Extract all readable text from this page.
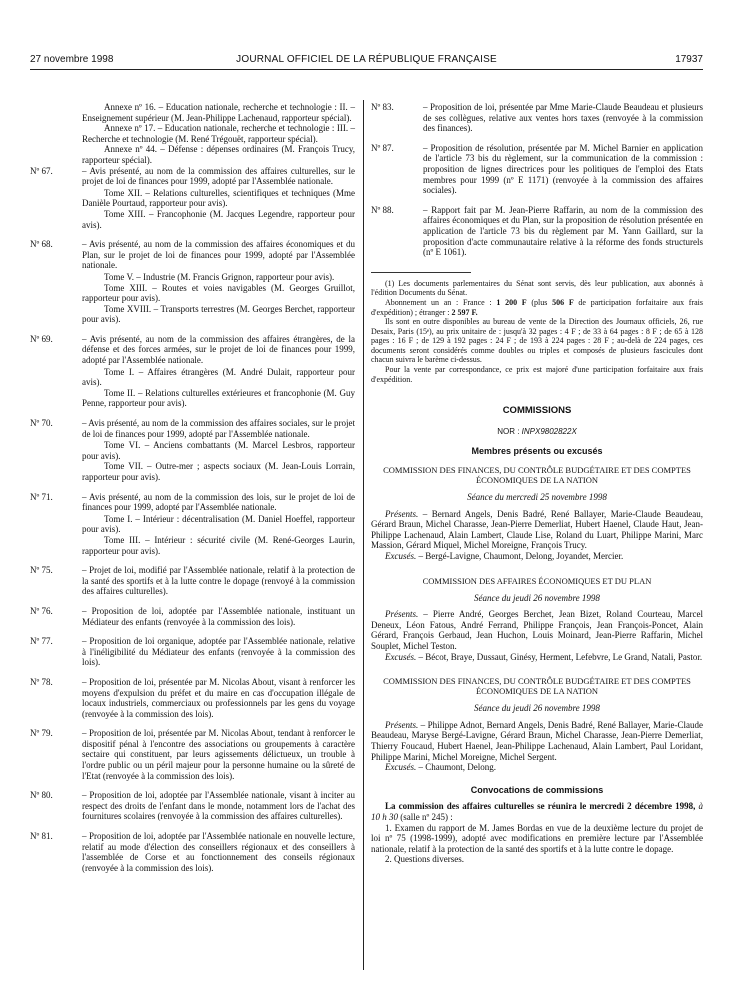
27 novembre 1998	JOURNAL OFFICIEL DE LA RÉPUBLIQUE FRANÇAISE	17937

Annexe nº 16. – Education nationale, recherche et technologie : II. – Enseignement supérieur (M. Jean-Philippe Lachenaud, rapporteur spécial).

Annexe nº 17. – Education nationale, recherche et technologie : III. – Recherche et technologie (M. René Trégouët, rapporteur spécial).

Annexe nº 44. – Défense : dépenses ordinaires (M. François Trucy, rapporteur spécial).

Nº 67.	– Avis présenté, au nom de la commission des affaires culturelles, sur le projet de loi de finances pour 1999, adopté par l'Assemblée nationale.

Tome XII. – Relations culturelles, scientifiques et techniques (Mme Danièle Pourtaud, rapporteur pour avis).

Tome XIII. – Francophonie (M. Jacques Legendre, rapporteur pour avis).

Nº 68.	– Avis présenté, au nom de la commission des affaires économiques et du Plan, sur le projet de loi de finances pour 1999, adopté par l'Assemblée nationale.

Tome V. – Industrie (M. Francis Grignon, rapporteur pour avis).

Tome XIII. – Routes et voies navigables (M. Georges Gruillot, rapporteur pour avis).

Tome XVIII. – Transports terrestres (M. Georges Berchet, rapporteur pour avis).

Nº 69.	– Avis présenté, au nom de la commission des affaires étrangères, de la défense et des forces armées, sur le projet de loi de finances pour 1999, adopté par l'Assemblée nationale.

Tome I. – Affaires étrangères (M. André Dulait, rapporteur pour avis).

Tome II. – Relations culturelles extérieures et francophonie (M. Guy Penne, rapporteur pour avis).

Nº 70.	– Avis présenté, au nom de la commission des affaires sociales, sur le projet de loi de finances pour 1999, adopté par l'Assemblée nationale.

Tome VI. – Anciens combattants (M. Marcel Lesbros, rapporteur pour avis).

Tome VII. – Outre-mer ; aspects sociaux (M. Jean-Louis Lorrain, rapporteur pour avis).

Nº 71.	– Avis présenté, au nom de la commission des lois, sur le projet de loi de finances pour 1999, adopté par l'Assemblée nationale.

Tome I. – Intérieur : décentralisation (M. Daniel Hoeffel, rapporteur pour avis).

Tome III. – Intérieur : sécurité civile (M. René-Georges Laurin, rapporteur pour avis).

Nº 75.	– Projet de loi, modifié par l'Assemblée nationale, relatif à la protection de la santé des sportifs et à la lutte contre le dopage (renvoyé à la commission des affaires culturelles).
Nº 76.	– Proposition de loi, adoptée par l'Assemblée nationale, instituant un Médiateur des enfants (renvoyée à la commission des lois).
Nº 77.	– Proposition de loi organique, adoptée par l'Assemblée nationale, relative à l'inéligibilité du Médiateur des enfants (renvoyée à la commission des lois).
Nº 78.	– Proposition de loi, présentée par M. Nicolas About, visant à renforcer les moyens d'expulsion du préfet et du maire en cas d'occupation illégale de locaux industriels, commerciaux ou professionnels par les gens du voyage (renvoyée à la commission des lois).
Nº 79.	– Proposition de loi, présentée par M. Nicolas About, tendant à renforcer le dispositif pénal à l'encontre des associations ou groupements à caractère sectaire qui constituent, par leurs agissements délictueux, un trouble à l'ordre public ou un péril majeur pour la personne humaine ou la sûreté de l'Etat (renvoyée à la commission des lois).
Nº 80.	– Proposition de loi, adoptée par l'Assemblée nationale, visant à inciter au respect des droits de l'enfant dans le monde, notamment lors de l'achat des fournitures scolaires (renvoyée à la commission des affaires culturelles).
Nº 81.	– Proposition de loi, adoptée par l'Assemblée nationale en nouvelle lecture, relatif au mode d'élection des conseillers régionaux et des conseillers à l'assemblée de Corse et au fonctionnement des conseils régionaux (renvoyée à la commission des lois).
Nº 83.	– Proposition de loi, présentée par Mme Marie-Claude Beaudeau et plusieurs de ses collègues, relative aux ventes hors taxes (renvoyée à la commission des finances).
Nº 87.	– Proposition de résolution, présentée par M. Michel Barnier en application de l'article 73 bis du règlement, sur la communication de la commission : proposition de lignes directrices pour les politiques de l'emploi des Etats membres pour 1999 (nº E 1171) (renvoyée à la commission des affaires sociales).
Nº 88.	– Rapport fait par M. Jean-Pierre Raffarin, au nom de la commission des affaires économiques et du Plan, sur la proposition de résolution présentée en application de l'article 73 bis du règlement par M. Yann Gaillard, sur la proposition d'acte communautaire relative à la réforme des fonds structurels (nº E 1061).

(1) Les documents parlementaires du Sénat sont servis, dès leur publication, aux abonnés à l'édition Documents du Sénat.

Abonnement un an : France : 1 200 F (plus 506 F de participation forfaitaire aux frais d'expédition) ; étranger : 2 597 F.

Ils sont en outre disponibles au bureau de vente de la Direction des Journaux officiels, 26, rue Desaix, Paris (15ᵉ), au prix unitaire de : jusqu'à 32 pages : 4 F ; de 33 à 64 pages : 8 F ; de 65 à 128 pages : 16 F ; de 129 à 192 pages : 24 F ; de 193 à 224 pages : 28 F ; au-delà de 224 pages, ces documents seront considérés comme doubles ou triples et composés de plusieurs fascicules dont chacun suivra le barème ci-dessus.

Pour la vente par correspondance, ce prix est majoré d'une participation forfaitaire aux frais d'expédition.

COMMISSIONS
NOR : INPX9802822X
Membres présents ou excusés
COMMISSION DES FINANCES, DU CONTRÔLE BUDGÉTAIRE ET DES COMPTES ÉCONOMIQUES DE LA NATION
Séance du mercredi 25 novembre 1998

Présents. – Bernard Angels, Denis Badré, René Ballayer, Marie-Claude Beaudeau, Gérard Braun, Michel Charasse, Jean-Pierre Demerliat, Hubert Haenel, Claude Haut, Jean-Philippe Lachenaud, Alain Lambert, Claude Lise, Roland du Luart, Philippe Marini, Marc Massion, Gérard Miquel, Michel Moreigne, François Trucy.

Excusés. – Bergé-Lavigne, Chaumont, Delong, Joyandet, Mercier.

COMMISSION DES AFFAIRES ÉCONOMIQUES ET DU PLAN
Séance du jeudi 26 novembre 1998

Présents. – Pierre André, Georges Berchet, Jean Bizet, Roland Courteau, Marcel Deneux, Léon Fatous, André Ferrand, Philippe François, Jean François-Poncet, Alain Gérard, François Gerbaud, Jean Huchon, Louis Moinard, Jean-Pierre Raffarin, Michel Souplet, Michel Teston.

Excusés. – Bécot, Braye, Dussaut, Ginésy, Herment, Lefebvre, Le Grand, Natali, Pastor.

COMMISSION DES FINANCES, DU CONTRÔLE BUDGÉTAIRE ET DES COMPTES ÉCONOMIQUES DE LA NATION
Séance du jeudi 26 novembre 1998

Présents. – Philippe Adnot, Bernard Angels, Denis Badré, René Ballayer, Marie-Claude Beaudeau, Maryse Bergé-Lavigne, Gérard Braun, Michel Charasse, Jean-Pierre Demerliat, Thierry Foucaud, Hubert Haenel, Jean-Philippe Lachenaud, Alain Lambert, Paul Loridant, Philippe Marini, Michel Moreigne, Michel Sergent.

Excusés. – Chaumont, Delong.

Convocations de commissions

La commission des affaires culturelles se réunira le mercredi 2 décembre 1998, à 10 h 30 (salle nº 245) :

1. Examen du rapport de M. James Bordas en vue de la deuxième lecture du projet de loi nº 75 (1998-1999), adopté avec modifications en première lecture par l'Assemblée nationale, relatif à la protection de la santé des sportifs et à la lutte contre le dopage.

2. Questions diverses.
